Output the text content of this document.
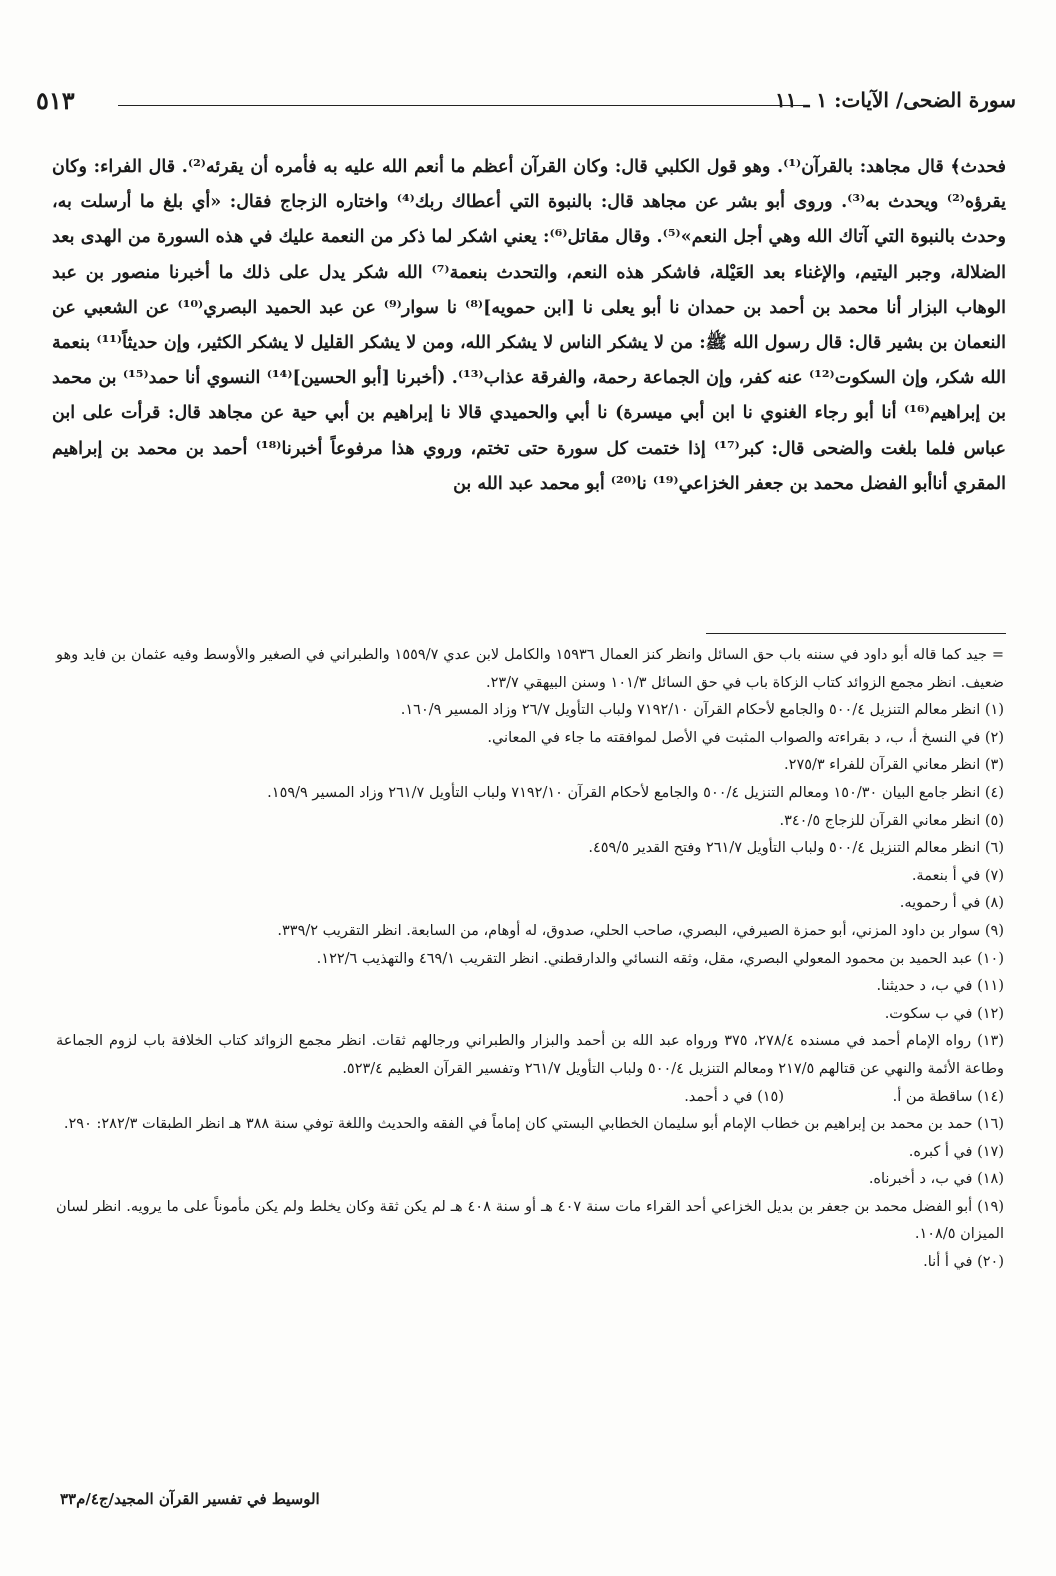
سورة الضحى/ الآيات: ١ ـ ١١
٥١٣

فحدث﴾ قال مجاهد: بالقرآن⁽¹⁾. وهو قول الكلبي قال: وكان القرآن أعظم ما أنعم الله عليه به فأمره أن يقرئه⁽²⁾. قال الفراء: وكان يقرؤه⁽²⁾ ويحدث به⁽³⁾. وروى أبو بشر عن مجاهد قال: بالنبوة التي أعطاك ربك⁽⁴⁾ واختاره الزجاج فقال: «أي بلغ ما أرسلت به، وحدث بالنبوة التي آتاك الله وهي أجل النعم»⁽⁵⁾. وقال مقاتل⁽⁶⁾: يعني اشكر لما ذكر من النعمة عليك في هذه السورة من الهدى بعد الضلالة، وجبر اليتيم، والإغناء بعد العَيْلة، فاشكر هذه النعم، والتحدث بنعمة⁽⁷⁾ الله شكر يدل على ذلك ما أخبرنا منصور بن عبد الوهاب البزار أنا محمد بن أحمد بن حمدان نا أبو يعلى نا [ابن حمويه]⁽⁸⁾ نا سوار⁽⁹⁾ عن عبد الحميد البصري⁽¹⁰⁾ عن الشعبي عن النعمان بن بشير قال: قال رسول الله ﷺ: من لا يشكر الناس لا يشكر الله، ومن لا يشكر القليل لا يشكر الكثير، وإن حديثاً⁽¹¹⁾ بنعمة الله شكر، وإن السكوت⁽¹²⁾ عنه كفر، وإن الجماعة رحمة، والفرقة عذاب⁽¹³⁾. (أخبرنا [أبو الحسين]⁽¹⁴⁾ النسوي أنا حمد⁽¹⁵⁾ بن محمد بن إبراهيم⁽¹⁶⁾ أنا أبو رجاء الغنوي نا ابن أبي ميسرة) نا أبي والحميدي قالا نا إبراهيم بن أبي حية عن مجاهد قال: قرأت على ابن عباس فلما بلغت والضحى قال: كبر⁽¹⁷⁾ إذا ختمت كل سورة حتى تختم، وروي هذا مرفوعاً أخبرنا⁽¹⁸⁾ أحمد بن محمد بن إبراهيم المقري أناأبو الفضل محمد بن جعفر الخزاعي⁽¹⁹⁾ نا⁽²⁰⁾ أبو محمد عبد الله بن

= جيد كما قاله أبو داود في سننه باب حق السائل وانظر كنز العمال ١٥٩٣٦ والكامل لابن عدي ١٥٥٩/٧ والطبراني في الصغير والأوسط وفيه عثمان بن فايد وهو ضعيف. انظر مجمع الزوائد كتاب الزكاة باب في حق السائل ١٠١/٣ وسنن البيهقي ٢٣/٧.

(١) انظر معالم التنزيل ٥٠٠/٤ والجامع لأحكام القرآن ٧١٩٢/١٠ ولباب التأويل ٢٦/٧ وزاد المسير ١٦٠/٩.

(٢) في النسخ أ، ب، د بقراءته والصواب المثبت في الأصل لموافقته ما جاء في المعاني.

(٣) انظر معاني القرآن للفراء ٢٧٥/٣.

(٤) انظر جامع البيان ١٥٠/٣٠ ومعالم التنزيل ٥٠٠/٤ والجامع لأحكام القرآن ٧١٩٢/١٠ ولباب التأويل ٢٦١/٧ وزاد المسير ١٥٩/٩.

(٥) انظر معاني القرآن للزجاج ٣٤٠/٥.

(٦) انظر معالم التنزيل ٥٠٠/٤ ولباب التأويل ٢٦١/٧ وفتح القدير ٤٥٩/٥.

(٧) في أ بنعمة.

(٨) في أ رحمويه.

(٩) سوار بن داود المزني، أبو حمزة الصيرفي، البصري، صاحب الحلي، صدوق، له أوهام، من السابعة. انظر التقريب ٣٣٩/٢.

(١٠) عبد الحميد بن محمود المعولي البصري، مقل، وثقه النسائي والدارقطني. انظر التقريب ٤٦٩/١ والتهذيب ١٢٢/٦.

(١١) في ب، د حديثنا.

(١٢) في ب سكوت.

(١٣) رواه الإمام أحمد في مسنده ٢٧٨/٤، ٣٧٥ ورواه عبد الله بن أحمد والبزار والطبراني ورجالهم ثقات. انظر مجمع الزوائد كتاب الخلافة باب لزوم الجماعة وطاعة الأئمة والنهي عن قتالهم ٢١٧/٥ ومعالم التنزيل ٥٠٠/٤ ولباب التأويل ٢٦١/٧ وتفسير القرآن العظيم ٥٢٣/٤.

(١٤) ساقطة من أ.(١٥) في د أحمد.

(١٦) حمد بن محمد بن إبراهيم بن خطاب الإمام أبو سليمان الخطابي البستي كان إماماً في الفقه والحديث واللغة توفي سنة ٣٨٨ هـ انظر الطبقات ٢٨٢/٣: ٢٩٠.

(١٧) في أ كبره.

(١٨) في ب، د أخبرناه.

(١٩) أبو الفضل محمد بن جعفر بن بديل الخزاعي أحد القراء مات سنة ٤٠٧ هـ أو سنة ٤٠٨ هـ لم يكن ثقة وكان يخلط ولم يكن مأموناً على ما يرويه. انظر لسان الميزان ١٠٨/٥.

(٢٠) في أ أنا.

الوسيط في تفسير القرآن المجيد/ج٤/م٣٣
